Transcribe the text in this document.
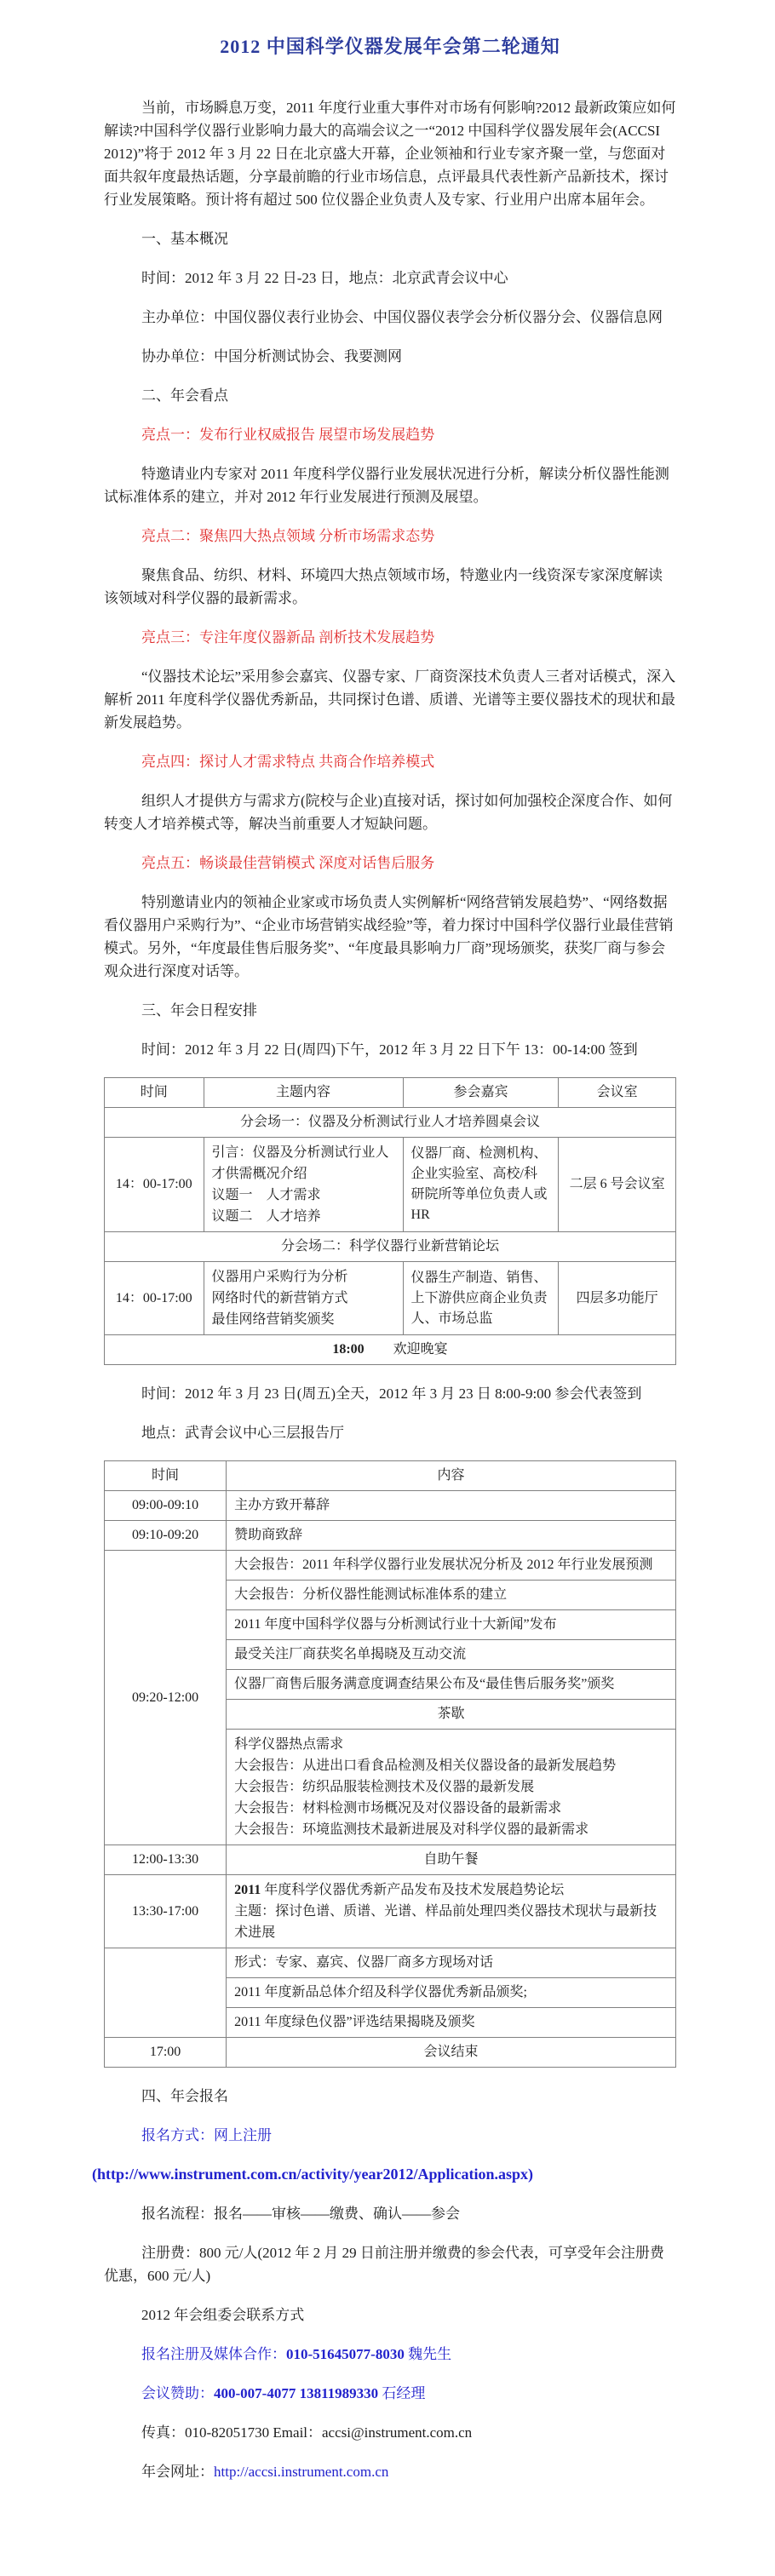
2012 中国科学仪器发展年会第二轮通知

当前，市场瞬息万变，2011 年度行业重大事件对市场有何影响?2012 最新政策应如何解读?中国科学仪器行业影响力最大的高端会议之一“2012 中国科学仪器发展年会(ACCSI 2012)”将于 2012 年 3 月 22 日在北京盛大开幕，企业领袖和行业专家齐聚一堂，与您面对面共叙年度最热话题，分享最前瞻的行业市场信息，点评最具代表性新产品新技术，探讨行业发展策略。预计将有超过 500 位仪器企业负责人及专家、行业用户出席本届年会。

一、基本概况

时间：2012 年 3 月 22 日-23 日，地点：北京武青会议中心

主办单位：中国仪器仪表行业协会、中国仪器仪表学会分析仪器分会、仪器信息网

协办单位：中国分析测试协会、我要测网

二、年会看点

亮点一：发布行业权威报告 展望市场发展趋势

特邀请业内专家对 2011 年度科学仪器行业发展状况进行分析，解读分析仪器性能测试标准体系的建立，并对 2012 年行业发展进行预测及展望。

亮点二：聚焦四大热点领域 分析市场需求态势

聚焦食品、纺织、材料、环境四大热点领域市场，特邀业内一线资深专家深度解读该领域对科学仪器的最新需求。

亮点三：专注年度仪器新品 剖析技术发展趋势

“仪器技术论坛”采用参会嘉宾、仪器专家、厂商资深技术负责人三者对话模式，深入解析 2011 年度科学仪器优秀新品，共同探讨色谱、质谱、光谱等主要仪器技术的现状和最新发展趋势。

亮点四：探讨人才需求特点 共商合作培养模式

组织人才提供方与需求方(院校与企业)直接对话，探讨如何加强校企深度合作、如何转变人才培养模式等，解决当前重要人才短缺问题。

亮点五：畅谈最佳营销模式 深度对话售后服务

特别邀请业内的领袖企业家或市场负责人实例解析“网络营销发展趋势”、“网络数据看仪器用户采购行为”、“企业市场营销实战经验”等，着力探讨中国科学仪器行业最佳营销模式。另外，“年度最佳售后服务奖”、“年度最具影响力厂商”现场颁奖，获奖厂商与参会观众进行深度对话等。

三、年会日程安排

时间：2012 年 3 月 22 日(周四)下午，2012 年 3 月 22 日下午 13：00-14:00 签到

时间	主题内容	参会嘉宾	会议室
分会场一：仪器及分析测试行业人才培养圆桌会议			
14：00-17:00	引言：仪器及分析测试行业人才供需概况介绍
议题一　人才需求
议题二　人才培养	仪器厂商、检测机构、企业实验室、高校/科研院所等单位负责人或 HR	二层 6 号会议室
分会场二：科学仪器行业新营销论坛			
14：00-17:00	仪器用户采购行为分析
网络时代的新营销方式
最佳网络营销奖颁奖	仪器生产制造、销售、上下游供应商企业负责人、市场总监	四层多功能厅
18:00 欢迎晚宴			

时间：2012 年 3 月 23 日(周五)全天，2012 年 3 月 23 日 8:00-9:00 参会代表签到

地点：武青会议中心三层报告厅

时间	内容
09:00-09:10	主办方致开幕辞
09:10-09:20	赞助商致辞
09:20-12:00	大会报告：2011 年科学仪器行业发展状况分析及 2012 年行业发展预测
	大会报告：分析仪器性能测试标准体系的建立
	2011 年度中国科学仪器与分析测试行业十大新闻”发布
	最受关注厂商获奖名单揭晓及互动交流
	仪器厂商售后服务满意度调查结果公布及“最佳售后服务奖”颁奖
	茶歇

	科学仪器热点需求
大会报告：从进出口看食品检测及相关仪器设备的最新发展趋势
大会报告：纺织品服装检测技术及仪器的最新发展
大会报告：材料检测市场概况及对仪器设备的最新需求
大会报告：环境监测技术最新进展及对科学仪器的最新需求

12:00-13:30	自助午餐
13:30-17:00	2011 年度科学仪器优秀新产品发布及技术发展趋势论坛
主题：探讨色谱、质谱、光谱、样品前处理四类仪器技术现状与最新技术进展

	形式：专家、嘉宾、仪器厂商多方现场对话
	2011 年度新品总体介绍及科学仪器优秀新品颁奖;
	2011 年度绿色仪器”评选结果揭晓及颁奖
17:00	会议结束

四、年会报名

报名方式：网上注册

(http://www.instrument.com.cn/activity/year2012/Application.aspx)

报名流程：报名——审核——缴费、确认——参会

注册费：800 元/人(2012 年 2 月 29 日前注册并缴费的参会代表，可享受年会注册费优惠，600 元/人)

2012 年会组委会联系方式

报名注册及媒体合作：010-51645077-8030 魏先生

会议赞助：400-007-4077 13811989330 石经理

传真：010-82051730 Email：accsi@instrument.com.cn

年会网址：http://accsi.instrument.com.cn
